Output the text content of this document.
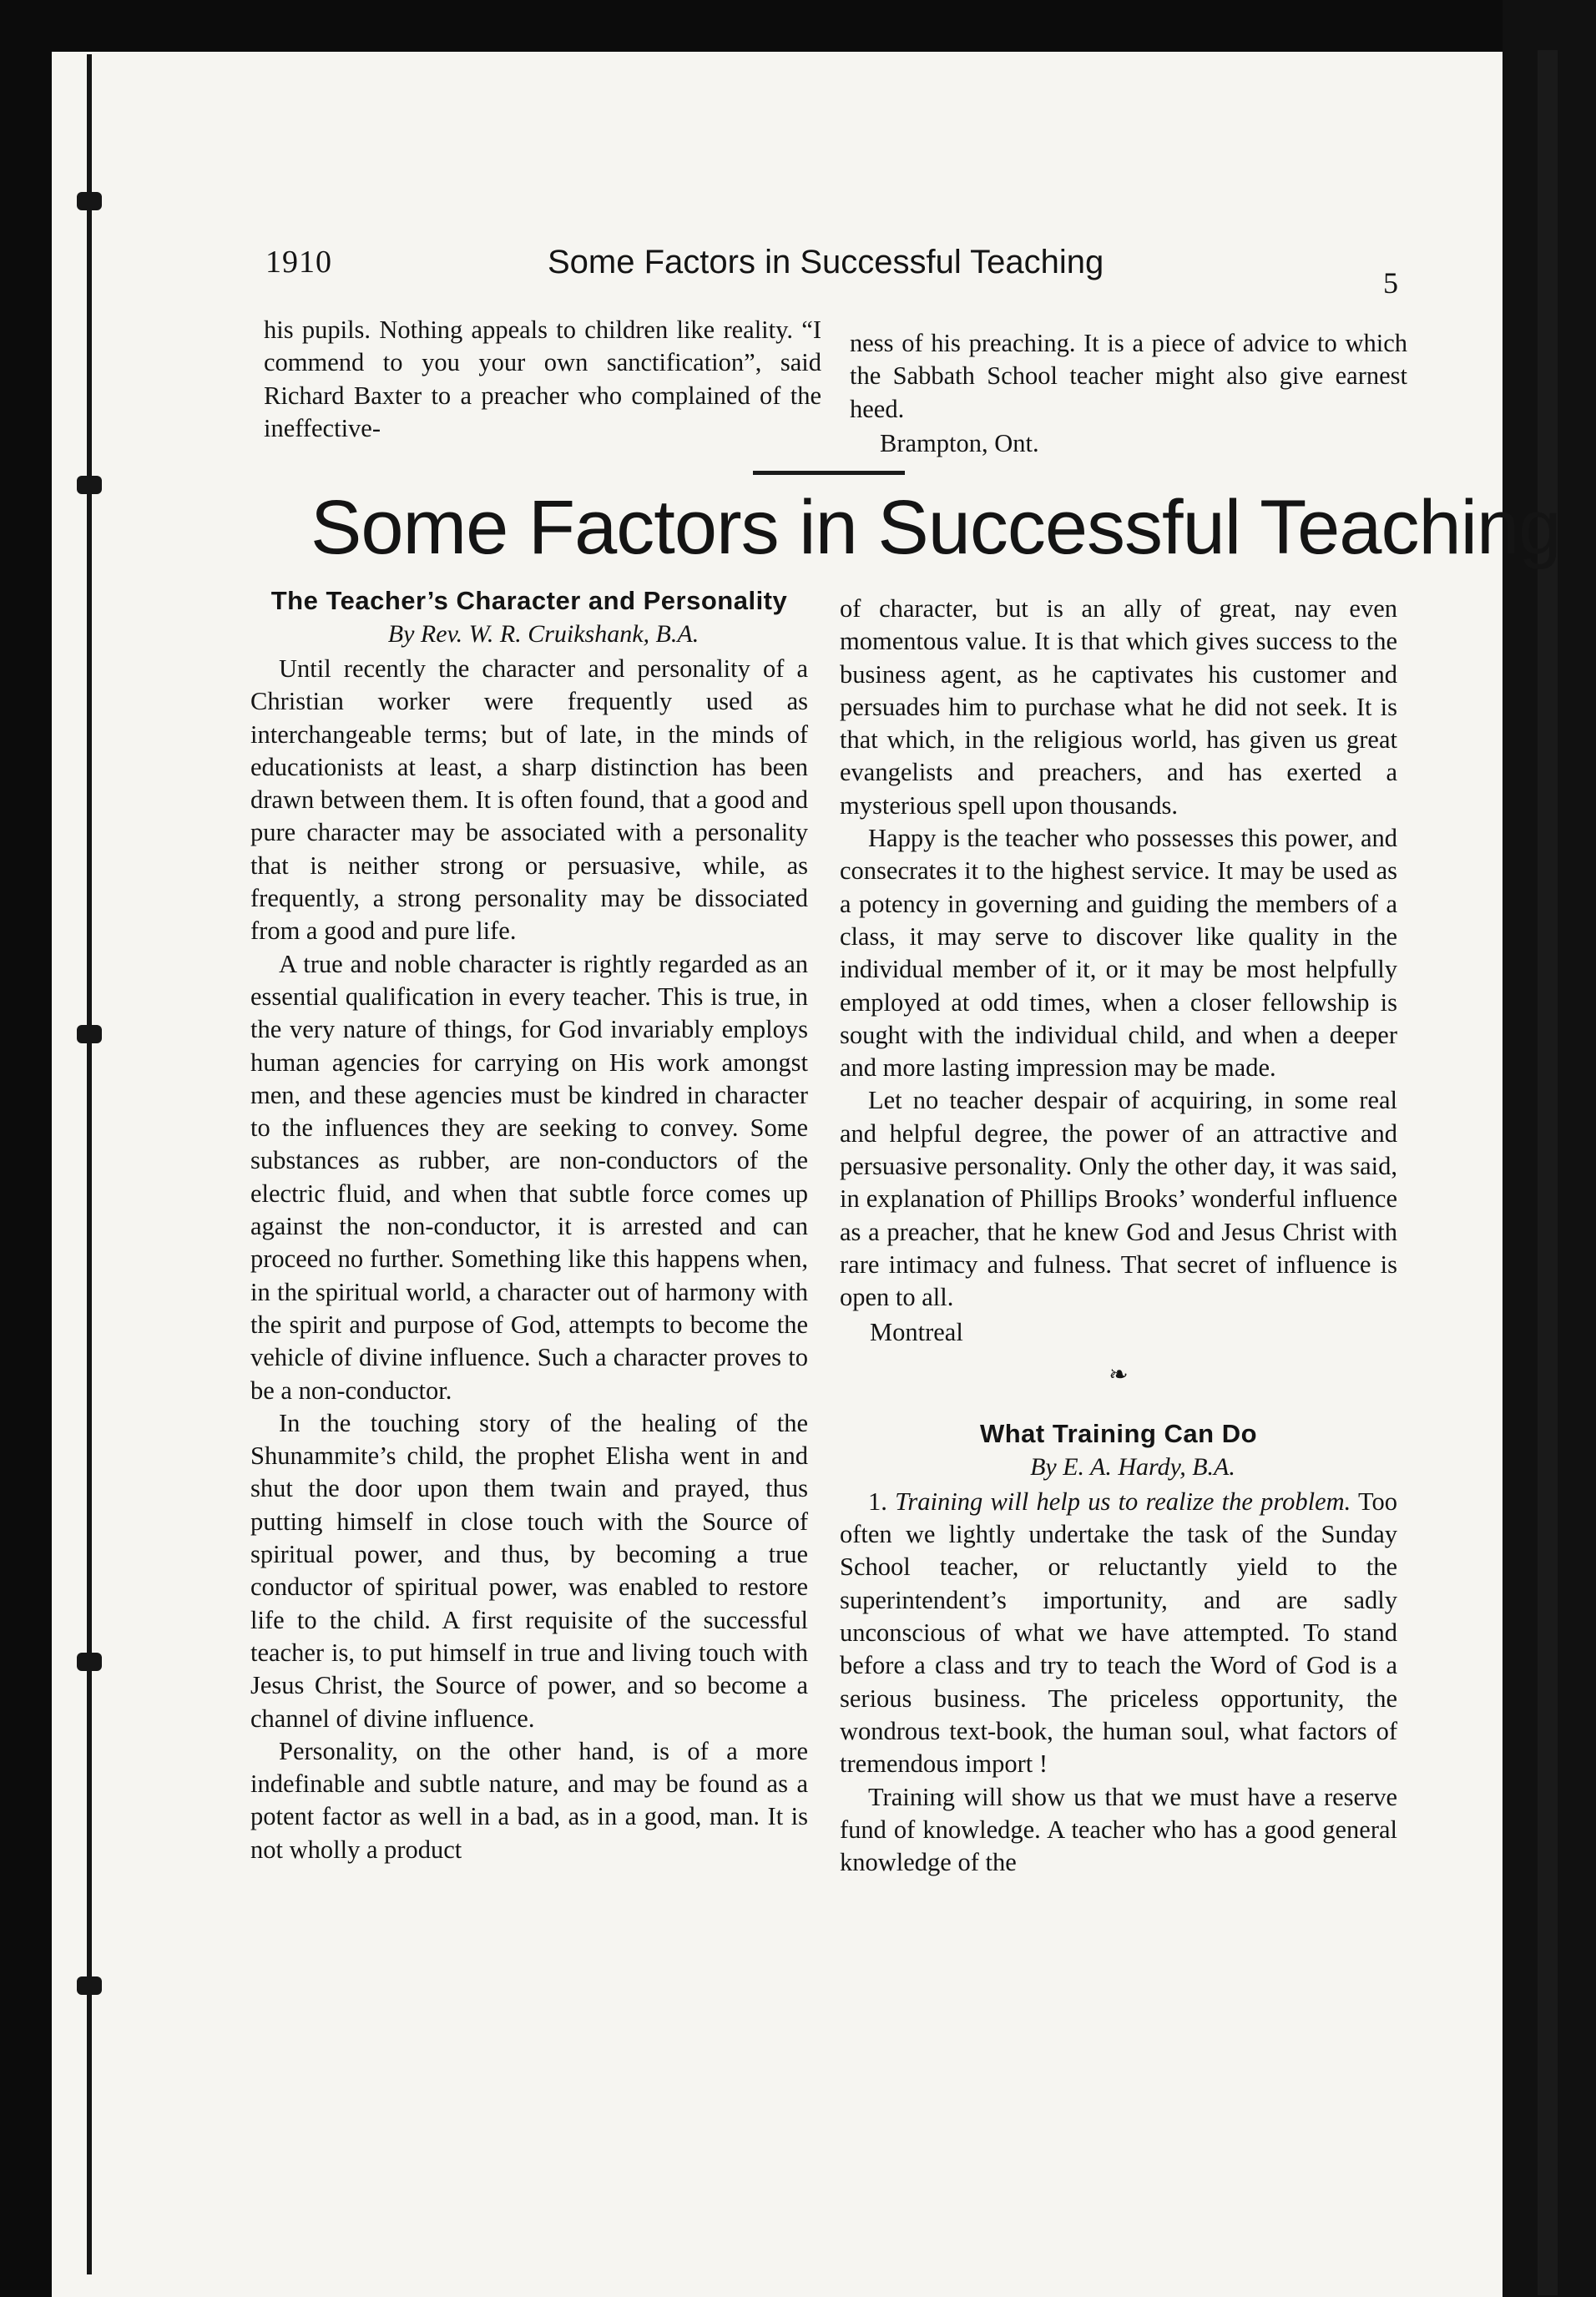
1910	Some Factors in Successful Teaching

5

his pupils. Nothing appeals to children like reality. “I commend to you your own sanctification”, said Richard Baxter to a preacher who complained of the ineffective-

ness of his preaching. It is a piece of advice to which the Sabbath School teacher might also give earnest heed.

Brampton, Ont.

Some Factors in Successful Teaching
The Teacher’s Character and Personality

By Rev. W. R. Cruikshank, B.A.

Until recently the character and personality of a Christian worker were frequently used as interchangeable terms; but of late, in the minds of educationists at least, a sharp distinction has been drawn between them. It is often found, that a good and pure character may be associated with a personality that is neither strong or persuasive, while, as frequently, a strong personality may be dissociated from a good and pure life.

A true and noble character is rightly regarded as an essential qualification in every teacher. This is true, in the very nature of things, for God invariably employs human agencies for carrying on His work amongst men, and these agencies must be kindred in character to the influences they are seeking to convey. Some substances as rubber, are non-conductors of the electric fluid, and when that subtle force comes up against the non-conductor, it is arrested and can proceed no further. Something like this happens when, in the spiritual world, a character out of harmony with the spirit and purpose of God, attempts to become the vehicle of divine influence. Such a character proves to be a non-conductor.

In the touching story of the healing of the Shunammite’s child, the prophet Elisha went in and shut the door upon them twain and prayed, thus putting himself in close touch with the Source of spiritual power, and thus, by becoming a true conductor of spiritual power, was enabled to restore life to the child. A first requisite of the successful teacher is, to put himself in true and living touch with Jesus Christ, the Source of power, and so become a channel of divine influence.

Personality, on the other hand, is of a more indefinable and subtle nature, and may be found as a potent factor as well in a bad, as in a good, man. It is not wholly a product

of character, but is an ally of great, nay even momentous value. It is that which gives success to the business agent, as he captivates his customer and persuades him to purchase what he did not seek. It is that which, in the religious world, has given us great evangelists and preachers, and has exerted a mysterious spell upon thousands.

Happy is the teacher who possesses this power, and consecrates it to the highest service. It may be used as a potency in governing and guiding the members of a class, it may serve to discover like quality in the individual member of it, or it may be most helpfully employed at odd times, when a closer fellowship is sought with the individual child, and when a deeper and more lasting impression may be made.

Let no teacher despair of acquiring, in some real and helpful degree, the power of an attractive and persuasive personality. Only the other day, it was said, in explanation of Phillips Brooks’ wonderful influence as a preacher, that he knew God and Jesus Christ with rare intimacy and fulness. That secret of influence is open to all.

Montreal

❧
What Training Can Do

By E. A. Hardy, B.A.

1. Training will help us to realize the problem. Too often we lightly undertake the task of the Sunday School teacher, or reluctantly yield to the superintendent’s importunity, and are sadly unconscious of what we have attempted. To stand before a class and try to teach the Word of God is a serious business. The priceless opportunity, the wondrous text-book, the human soul, what factors of tremendous import !

Training will show us that we must have a reserve fund of knowledge. A teacher who has a good general knowledge of the
